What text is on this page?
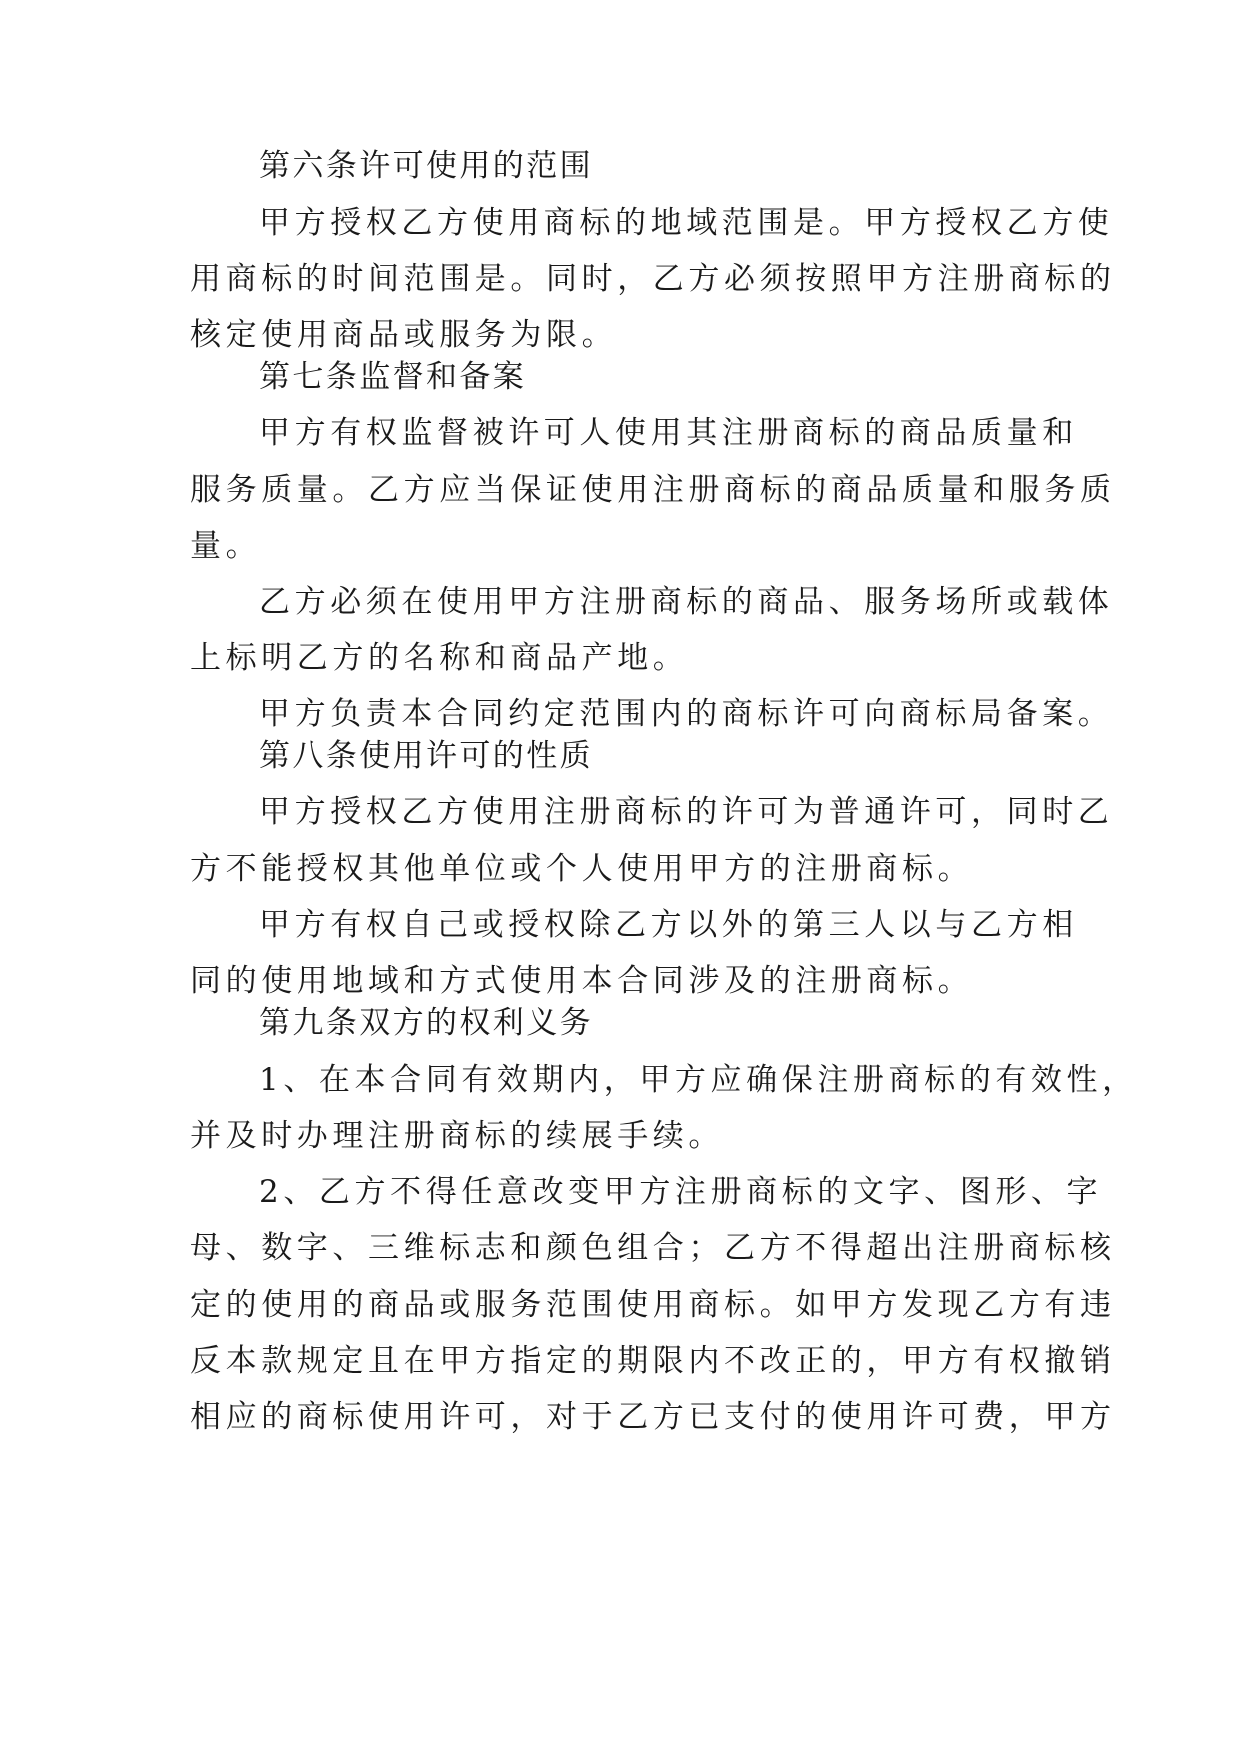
第六条许可使用的范围
甲方授权乙方使用商标的地域范围是。甲方授权乙方使
用商标的时间范围是。同时，乙方必须按照甲方注册商标的
核定使用商品或服务为限。
第七条监督和备案
甲方有权监督被许可人使用其注册商标的商品质量和
服务质量。乙方应当保证使用注册商标的商品质量和服务质
量。
乙方必须在使用甲方注册商标的商品、服务场所或载体
上标明乙方的名称和商品产地。
甲方负责本合同约定范围内的商标许可向商标局备案。
第八条使用许可的性质
甲方授权乙方使用注册商标的许可为普通许可，同时乙
方不能授权其他单位或个人使用甲方的注册商标。
甲方有权自己或授权除乙方以外的第三人以与乙方相
同的使用地域和方式使用本合同涉及的注册商标。
第九条双方的权利义务
1、在本合同有效期内，甲方应确保注册商标的有效性，
并及时办理注册商标的续展手续。
2、乙方不得任意改变甲方注册商标的文字、图形、字
母、数字、三维标志和颜色组合；乙方不得超出注册商标核
定的使用的商品或服务范围使用商标。如甲方发现乙方有违
反本款规定且在甲方指定的期限内不改正的，甲方有权撤销
相应的商标使用许可，对于乙方已支付的使用许可费，甲方
